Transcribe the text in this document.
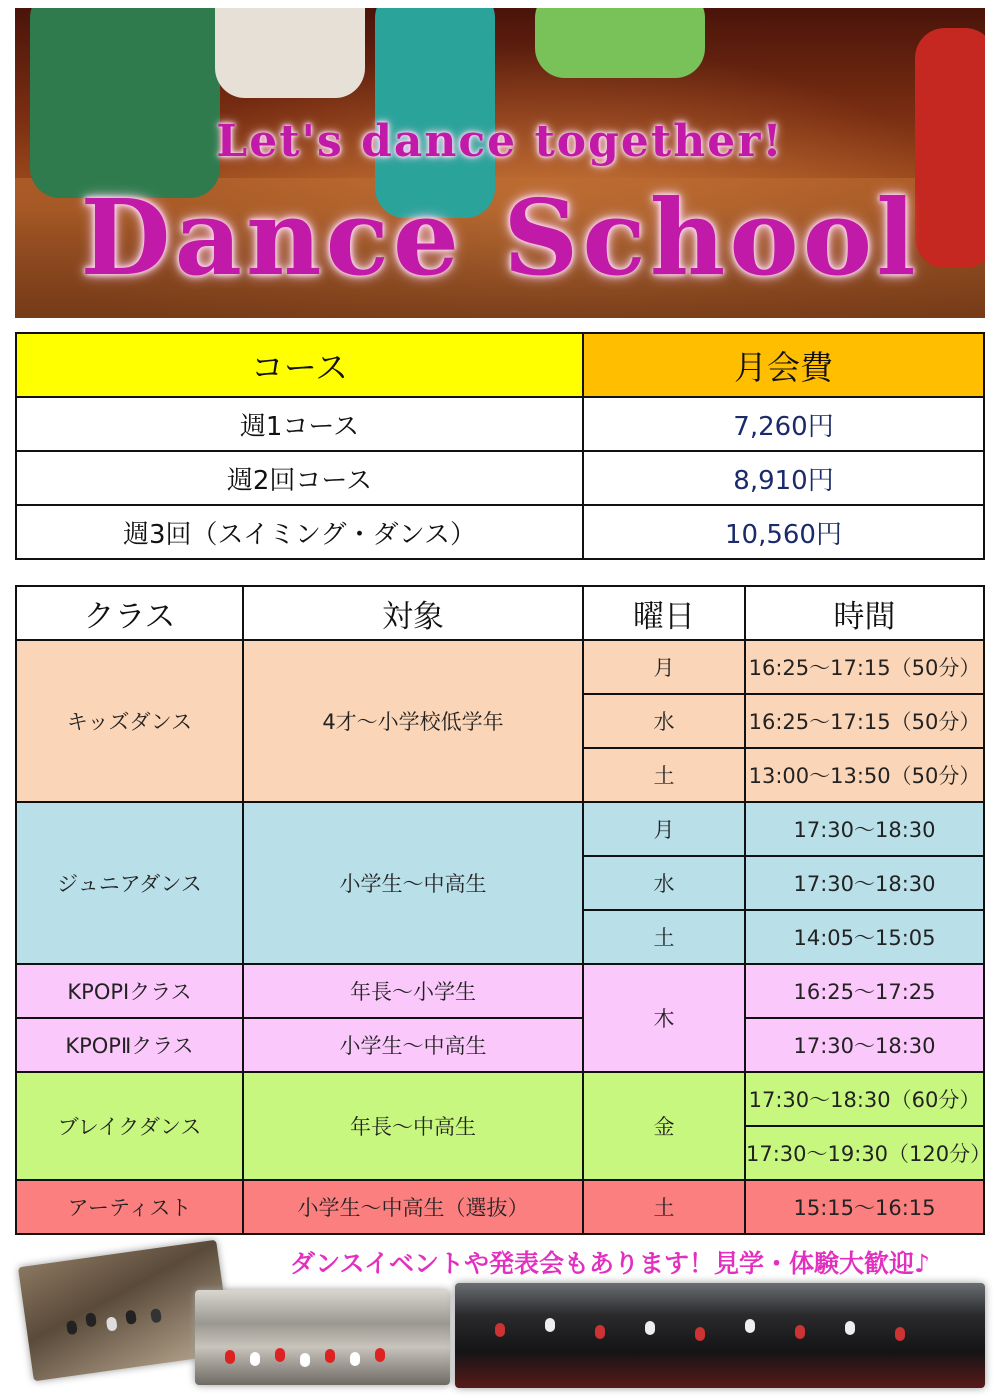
Let's dance together!
Dance School
コース	月会費
週1コース	7,260円
週2回コース	8,910円
週3回（スイミング・ダンス）	10,560円
クラス	対象	曜日	時間
キッズダンス	4才～小学校低学年	月	16:25～17:15（50分）
		水	16:25～17:15（50分）
		土	13:00～13:50（50分）
ジュニアダンス	小学生～中高生	月	17:30～18:30
		水	17:30～18:30
		土	14:05～15:05
KPOPⅠクラス	年長～小学生	木	16:25～17:25
KPOPⅡクラス	小学生～中高生		17:30～18:30
ブレイクダンス	年長～中高生	金	17:30～18:30（60分）
			17:30～19:30（120分）
アーティスト	小学生～中高生（選抜）	土	15:15～16:15
ダンスイベントや発表会もあります！見学・体験大歓迎♪
